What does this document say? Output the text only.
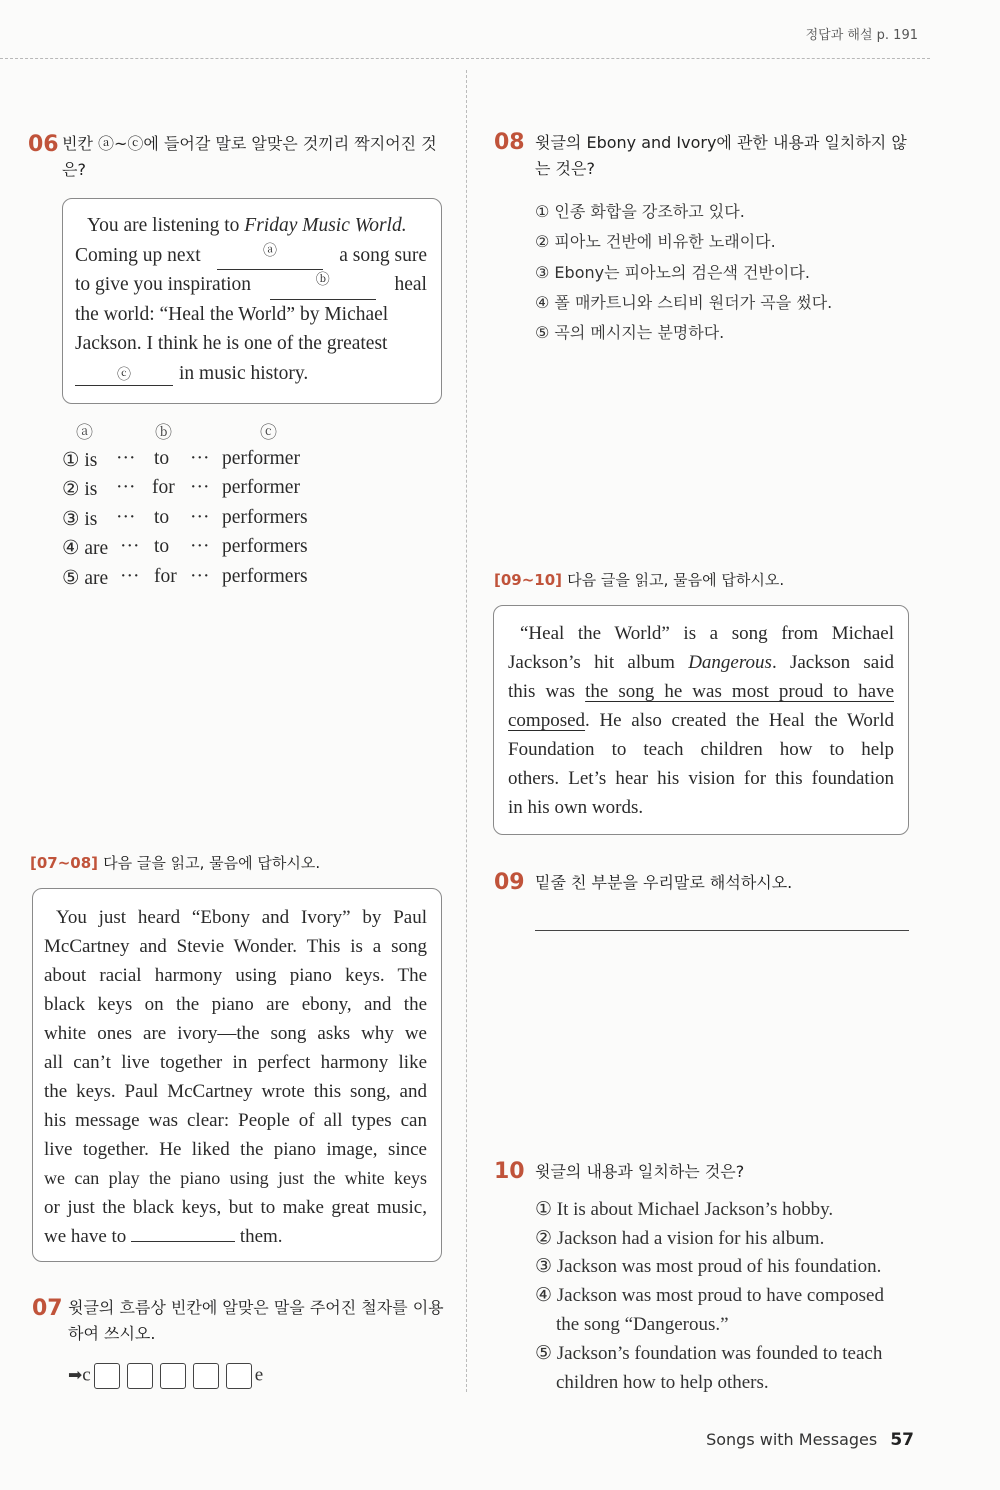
정답과 해설 p. 191
06 빈칸 ⓐ~ⓒ에 들어갈 말로 알맞은 것끼리 짝지어진 것은?
You are listening to Friday Music World.
Coming up next	ⓐ	a song sure
to give you inspiration	ⓑ	heal
the world: “Heal the World” by Michael
Jackson. I think he is one of the greatest
ⓒ in music history.
ⓐ	ⓑ	ⓒ
① is ··· to ··· performer
② is ··· for ··· performer
③ is ··· to ··· performers
④ are ··· to ··· performers
⑤ are ··· for ··· performers
[07~08] 다음 글을 읽고, 물음에 답하시오.
You just heard “Ebony and Ivory” by Paul
McCartney and Stevie Wonder. This is a song
about racial harmony using piano keys. The
black keys on the piano are ebony, and the
white ones are ivory—the song asks why we
all can’t live together in perfect harmony like
the keys. Paul McCartney wrote this song, and
his message was clear: People of all types can
live together. He liked the piano image, since
we can play the piano using just the white keys
or just the black keys, but to make great music,
we have to	them.
07 윗글의 흐름상 빈칸에 알맞은 말을 주어진 철자를 이용
하여 쓰시오.
➡c	e
08 윗글의 Ebony and Ivory에 관한 내용과 일치하지 않
는 것은?
① 인종 화합을 강조하고 있다.
② 피아노 건반에 비유한 노래이다.
③ Ebony는 피아노의 검은색 건반이다.
④ 폴 매카트니와 스티비 원더가 곡을 썼다.
⑤ 곡의 메시지는 분명하다.
[09~10] 다음 글을 읽고, 물음에 답하시오.
“Heal the World” is a song from Michael
Jackson’s hit album Dangerous. Jackson said
this was the song he was most proud to have
composed. He also created the Heal the World
Foundation to teach children how to help
others. Let’s hear his vision for this foundation
in his own words.
09 밑줄 친 부분을 우리말로 해석하시오.
10 윗글의 내용과 일치하는 것은?
① It is about Michael Jackson’s hobby.
② Jackson had a vision for his album.
③ Jackson was most proud of his foundation.
④ Jackson was most proud to have composed
the song “Dangerous.”
⑤ Jackson’s foundation was founded to teach
children how to help others.
Songs with Messages 57
